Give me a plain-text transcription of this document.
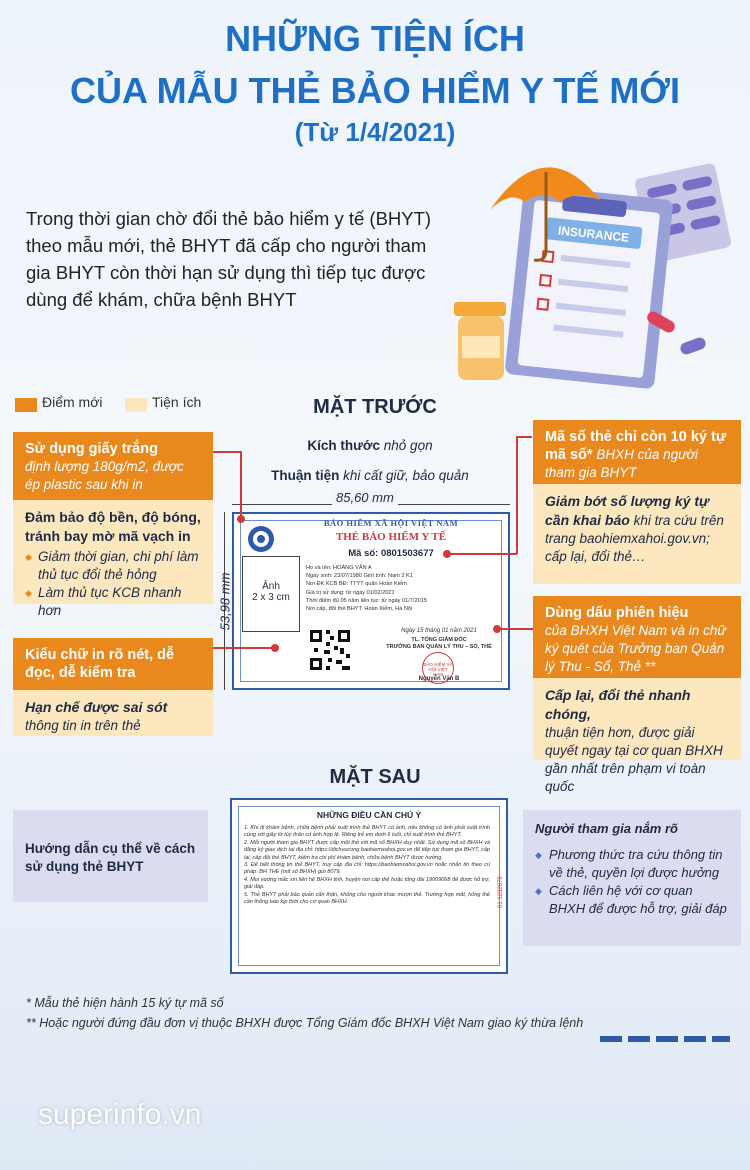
NHỮNG TIỆN ÍCH
CỦA MẪU THẺ BẢO HIỂM Y TẾ MỚI
(Từ 1/4/2021)
Trong thời gian chờ đổi thẻ bảo hiểm y tế (BHYT) theo mẫu mới, thẻ BHYT đã cấp cho người tham gia BHYT còn thời hạn sử dụng thì tiếp tục được dùng để khám, chữa bệnh BHYT
INSURANCE
Điểm mới	Tiện ích	MẶT TRƯỚC
Kích thước nhỏ gọn
Thuận tiện khi cất giữ, bảo quản
85,60 mm
53,98 mm
BẢO HIỂM XÃ HỘI VIỆT NAM
THẺ BẢO HIỂM Y TẾ
Mã số: 0801503677
Ảnh
2 x 3 cm
Họ và tên: HOÀNG VĂN A
Ngày sinh: 23/07/1980 Giới tính: Nam 2 K1
Nơi ĐK KCB BĐ: TTYT quận Hoàn Kiếm
Giá trị sử dụng: từ ngày 01/02/2021
Thời điểm đủ 05 năm liên tục: từ ngày 01/7/2015
Nơi cấp, đổi thẻ BHYT: Hoàn Kiếm, Hà Nội
Ngày 15 tháng 01 năm 2021
TL. TỔNG GIÁM ĐỐC
TRƯỞNG BAN QUẢN LÝ THU – SỔ, THẺ
BẢO HIỂM XÃ HỘI VIỆT NAM
Nguyễn Văn B
Sử dụng giấy trắng
định lượng 180g/m2, được ép plastic sau khi in
Đảm bảo độ bền, độ bóng, tránh bay mờ mã vạch in
◆ Giảm thời gian, chi phí làm thủ tục đổi thẻ hỏng
◆ Làm thủ tục KCB nhanh hơn
Kiểu chữ in rõ nét, dễ đọc, dễ kiểm tra
Hạn chế được sai sót
thông tin in trên thẻ
Mã số thẻ chỉ còn 10 ký tự mã số* BHXH của người tham gia BHYT
Giảm bớt số lượng ký tự cần khai báo khi tra cứu trên trang baohiemxahoi.gov.vn; cấp lại, đổi thẻ…
Dùng dấu phiên hiệu
của BHXH Việt Nam và in chữ ký quét của Trưởng ban Quản lý Thu - Sổ, Thẻ **
Cấp lại, đổi thẻ nhanh chóng,
thuận tiện hơn, được giải quyết ngay tại cơ quan BHXH gần nhất trên phạm vi toàn quốc
MẶT SAU
NHỮNG ĐIỀU CẦN CHÚ Ý
1. Khi đi khám bệnh, chữa bệnh phải xuất trình thẻ BHYT có ảnh, nếu không có ảnh phải xuất trình cùng với giấy tờ tùy thân có ảnh hợp lệ. Riêng trẻ em dưới 6 tuổi, chỉ xuất trình thẻ BHYT.
2. Mỗi người tham gia BHYT được cấp một thẻ với mã số BHXH duy nhất. Sử dụng mã số BHXH và đăng ký giao dịch tại địa chỉ: https://dichvucong.baohiemxahoi.gov.vn để tiếp tục tham gia BHYT, cấp lại, cấp đổi thẻ BHYT, kiểm tra chi phí khám bệnh, chữa bệnh BHYT được hưởng.
3. Để biết thông tin thẻ BHYT, truy cập địa chỉ: https://baohiemxahoi.gov.vn hoặc nhắn tin theo cú pháp: BH THE (mã số BHXH) gửi 8079.
4. Mọi vướng mắc xin liên hệ BHXH tỉnh, huyện nơi cấp thẻ hoặc tổng đài 19009068 để được hỗ trợ, giải đáp.
5. Thẻ BHYT phải bảo quản cẩn thận, không cho người khác mượn thẻ. Trường hợp mất, hỏng thẻ cần thông báo kịp thời cho cơ quan BHXH.	01 1232079
Hướng dẫn cụ thể về cách sử dụng thẻ BHYT
Người tham gia nắm rõ
◆ Phương thức tra cứu thông tin về thẻ, quyền lợi được hưởng
◆ Cách liên hệ với cơ quan BHXH để được hỗ trợ, giải đáp
* Mẫu thẻ hiện hành 15 ký tự mã số
** Hoặc người đứng đầu đơn vị thuộc BHXH được Tổng Giám đốc BHXH Việt Nam giao ký thừa lệnh
superinfo.vn
